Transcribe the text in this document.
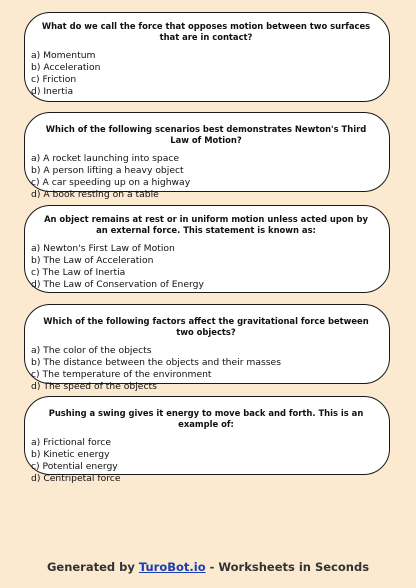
What do we call the force that opposes motion between two surfaces that are in contact?

a) Momentum

b) Acceleration

c) Friction

d) Inertia

Which of the following scenarios best demonstrates Newton's Third Law of Motion?

a) A rocket launching into space

b) A person lifting a heavy object

c) A car speeding up on a highway

d) A book resting on a table

An object remains at rest or in uniform motion unless acted upon by an external force. This statement is known as:

a) Newton's First Law of Motion

b) The Law of Acceleration

c) The Law of Inertia

d) The Law of Conservation of Energy

Which of the following factors affect the gravitational force between two objects?

a) The color of the objects

b) The distance between the objects and their masses

c) The temperature of the environment

d) The speed of the objects

Pushing a swing gives it energy to move back and forth. This is an example of:

a) Frictional force

b) Kinetic energy

c) Potential energy

d) Centripetal force

Generated by TuroBot.io - Worksheets in Seconds
